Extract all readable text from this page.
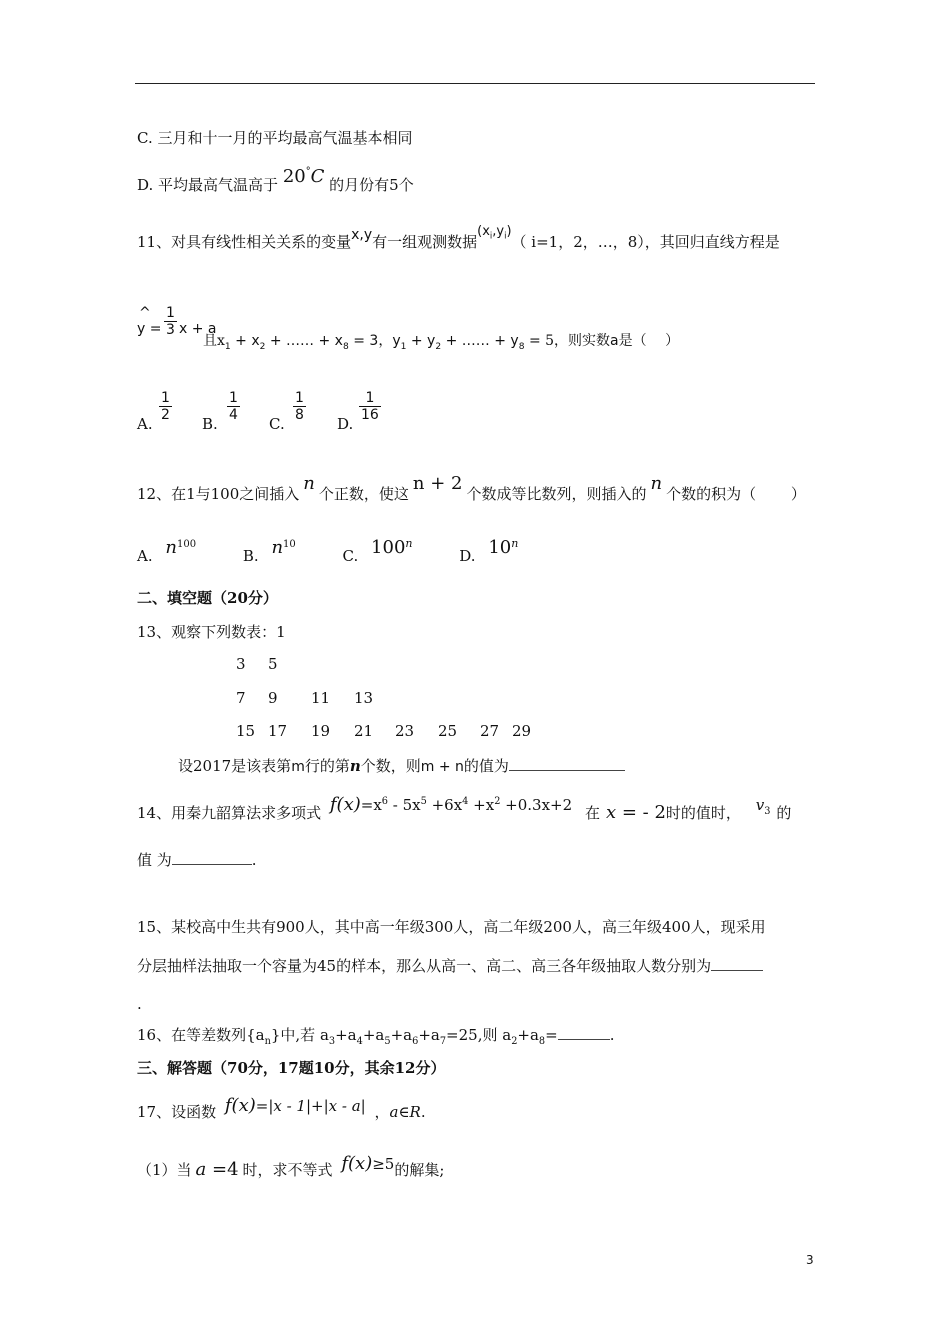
C. 三月和十一月的平均最高气温基本相同
D. 平均最高气温高于 20°C 的月份有5个
11、对具有线性相关关系的变量x,y有一组观测数据$(x_i,y_i)$（ i=1，2，…，8），其回归直线方程是
^
$y = \frac{1}{3}$ x + a
且$x_1 + x_2$ + …… + $x_8 = 3$，$y_1 + y_2$ + …… + $y_8 = 5$，则实数a是（　 ）
A.
$\frac{1}{2}$
B.
$\frac{1}{4}$
C.
$\frac{1}{8}$
D.
$\frac{1}{16}$
12、在1与100之间插入 n 个正数，使这 n + 2 个数成等比数列，则插入的 n 个数的积为（　　 ）
A. $n^{100}$ B. $n^{10}$ C. 100$^n$ D. 10$^n$
二、填空题（20分）
13、观察下列数表：1
3 5
7 9 11 13
15 17 19 21 23 25 27 29
设2017是该表第m行的第n个数，则m + n的值为
14、用秦九韶算法求多项式 $f(x)=x^6 - 5x^5 +6x^4 +x^2 +0.3x+2$ 在 x = - 2时的值时， $v_3$ 的
值 为	.
15、某校高中生共有900人，其中高一年级300人，高二年级200人，高三年级400人，现采用
分层抽样法抽取一个容量为45的样本，那么从高一、高二、高三各年级抽取人数分别为
.
16、在等差数列$\{a_n\}$中,若 $a_3+a_4+a_5+a_6+a_7=25$,则 $a_2+a_8=$	.
三、解答题（70分，17题10分，其余12分）
17、设函数 f(x)=|x - 1|+|x - a| ，a∈R.
（1）当 a =4 时，求不等式 f(x)≥5的解集;
3
